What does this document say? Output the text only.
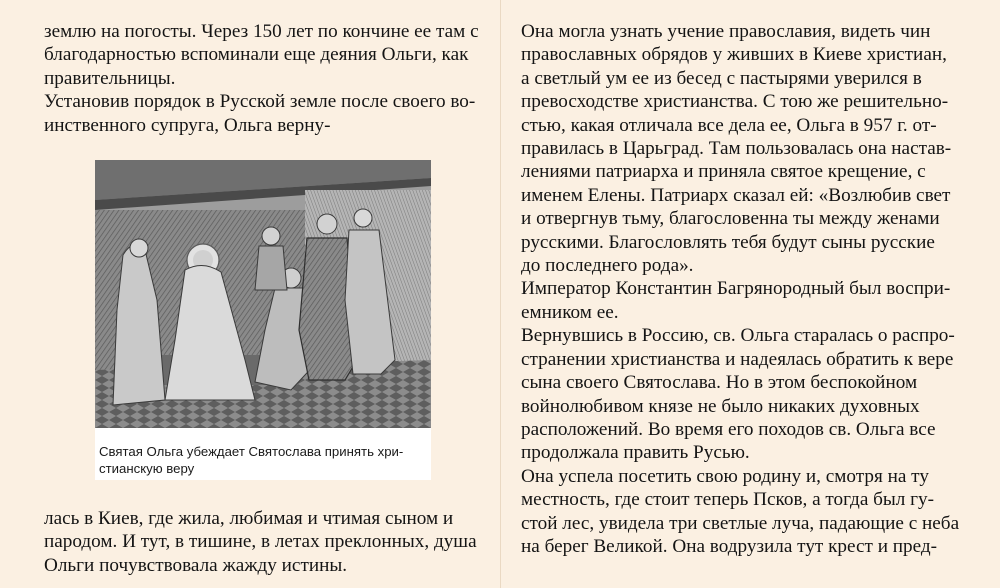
землю на погосты. Через 150 лет по кончине ее там с

благодарностью вспоминали еще деяния Ольги, как

правительницы.

Установив порядок в Русской земле после своего во-

инственного супруга, Ольга верну-

Святая Ольга убеждает Святослава принять хри-

стианскую веру

лась в Киев, где жила, любимая и чтимая сыном и

пародом. И тут, в тишине, в летах преклонных, душа

Ольги почувствовала жажду истины.

Она могла узнать учение православия, видеть чин

православных обрядов у живших в Киеве христиан,

а светлый ум ее из бесед с пастырями уверился в

превосходстве христианства. С тою же решительно-

стью, какая отличала все дела ее, Ольга в 957 г. от-

правилась в Царьград. Там пользовалась она настав-

лениями патриарха и приняла святое крещение, с

именем Елены. Патриарх сказал ей: «Возлюбив свет

и отвергнув тьму, благословенна ты между женами

русскими. Благословлять тебя будут сыны русские

до последнего рода».

Император Константин Багрянородный был воспри-

емником ее.

Вернувшись в Россию, св. Ольга старалась о распро-

странении христианства и надеялась обратить к вере

сына своего Святослава. Но в этом беспокойном

войнолюбивом князе не было никаких духовных

расположений. Во время его походов св. Ольга все

продолжала править Русью.

Она успела посетить свою родину и, смотря на ту

местность, где стоит теперь Псков, а тогда был гу-

стой лес, увидела три светлые луча, падающие с неба

на берег Великой. Она водрузила тут крест и пред-
